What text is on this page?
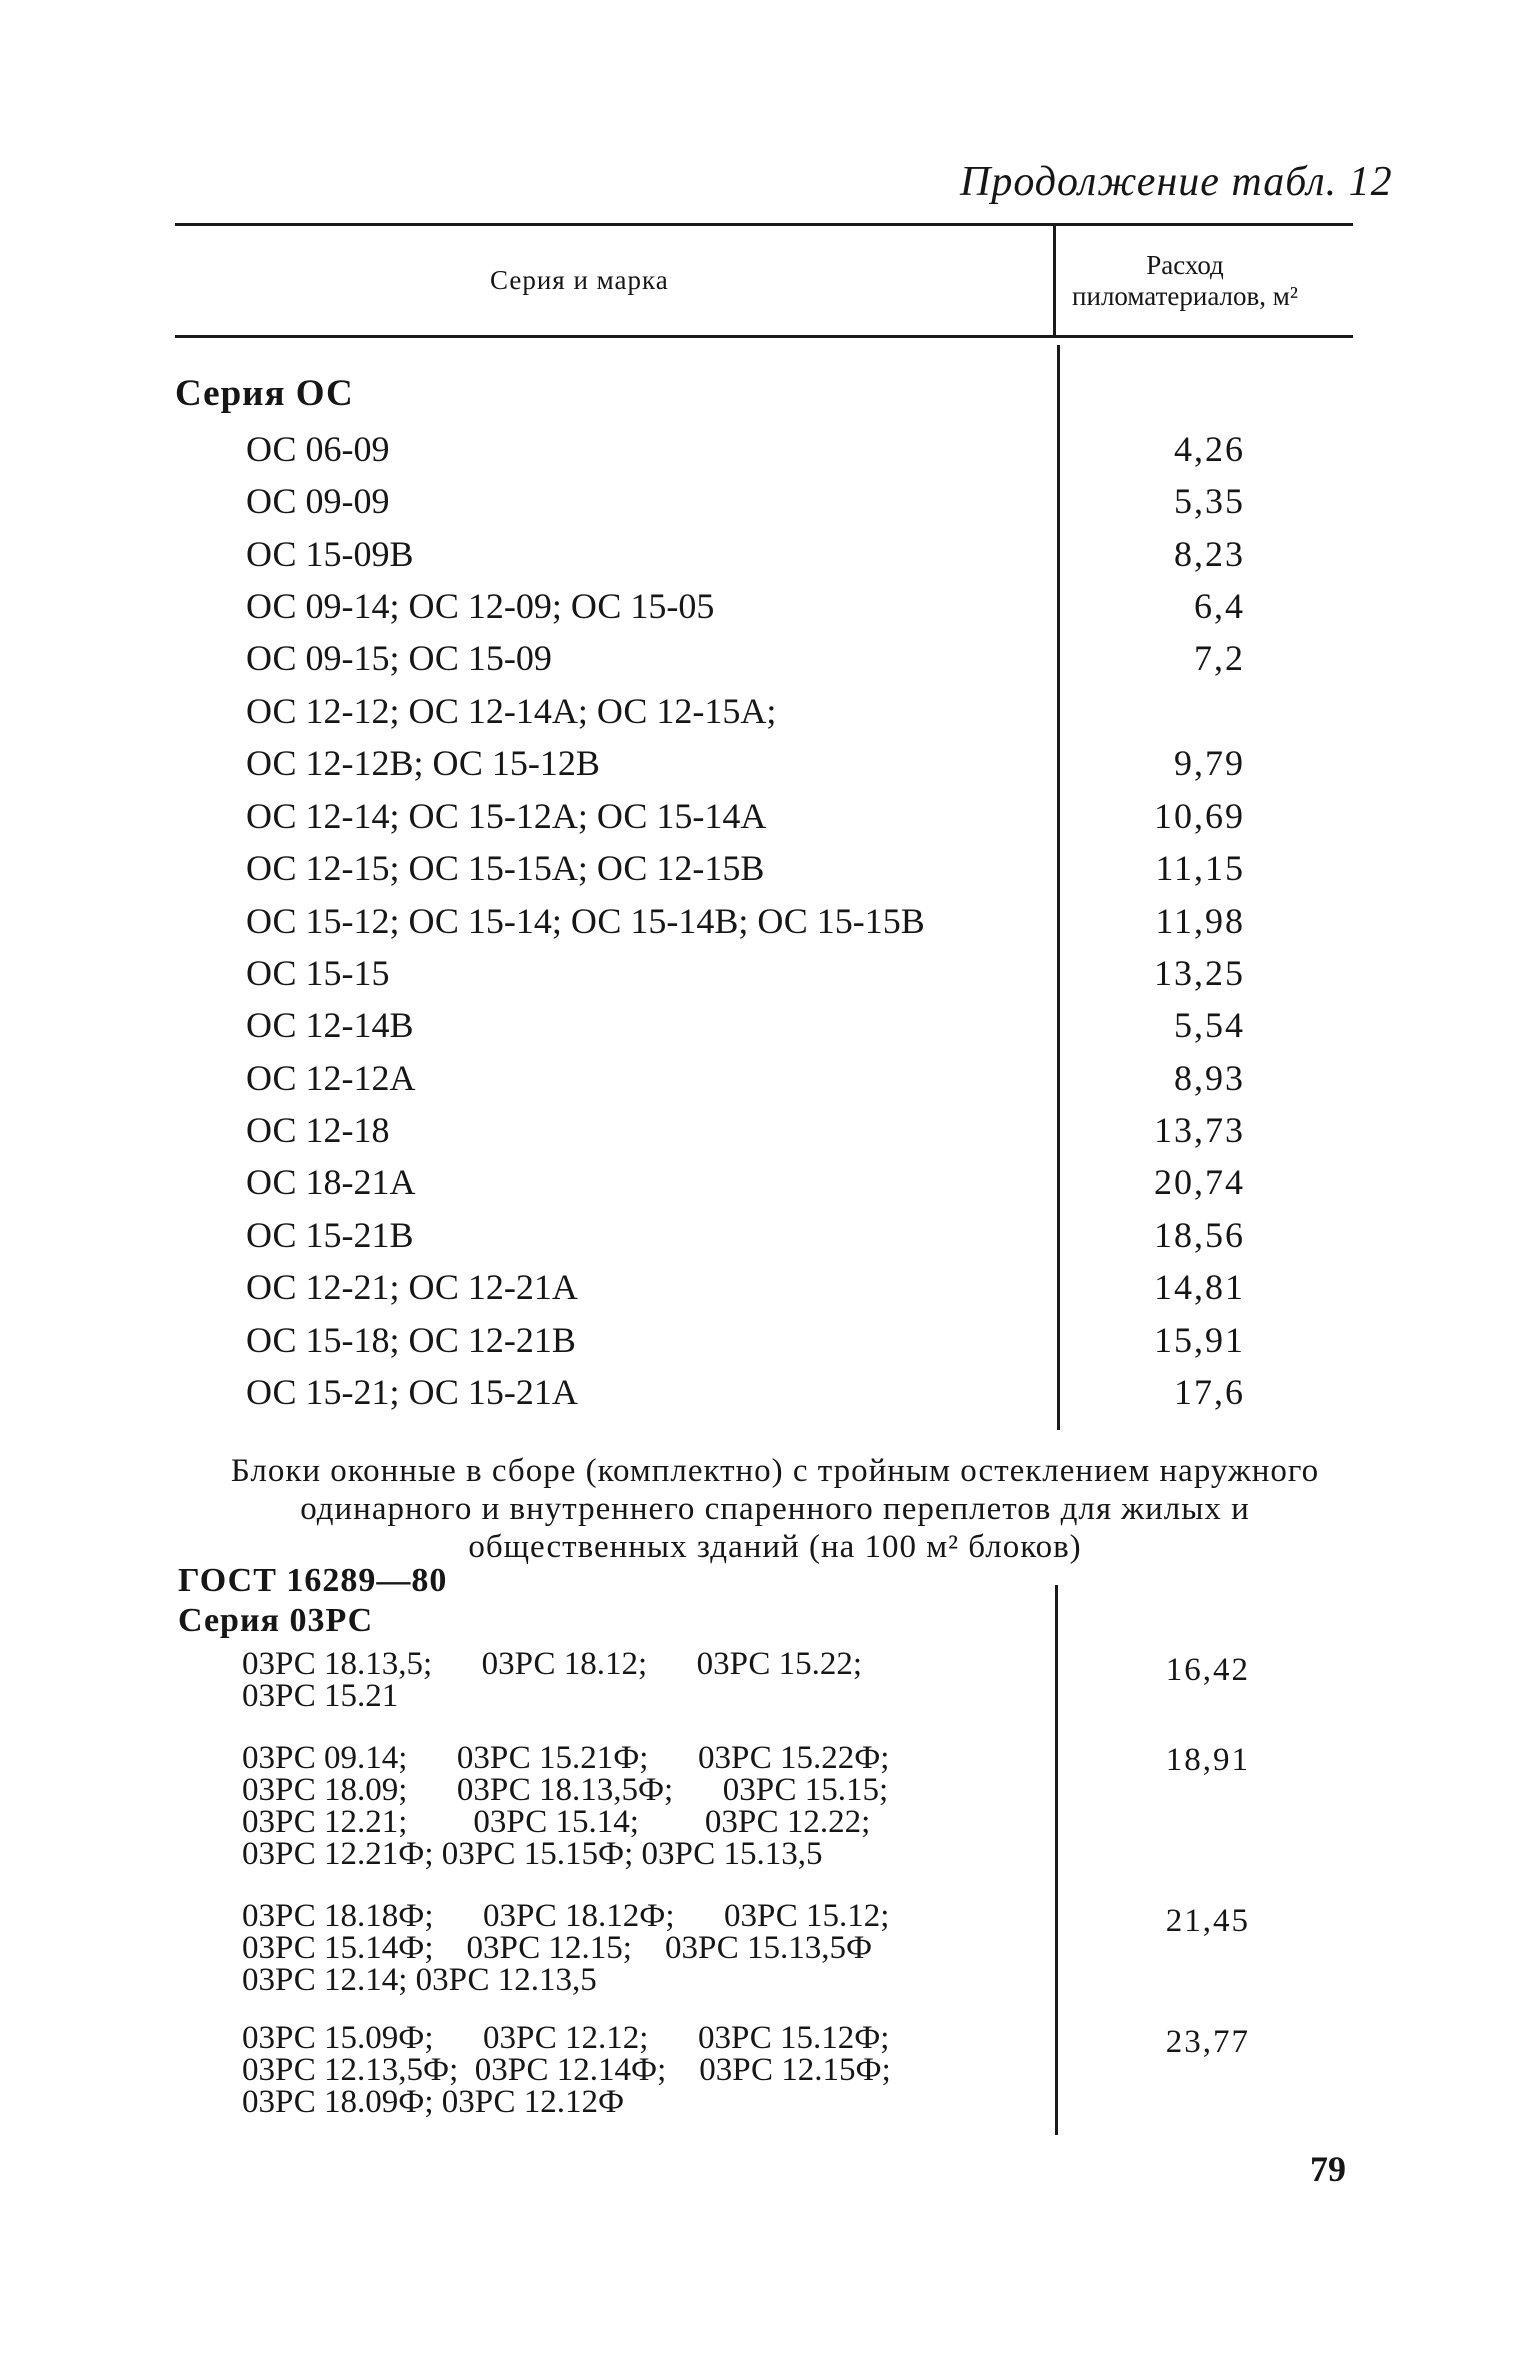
Продолжение табл. 12
Серия и марка	Расход пиломатериалов, м²
Серия ОС
ОС 06-09	4,26
ОС 09-09	5,35
ОС 15-09В	8,23
ОС 09-14; ОС 12-09; ОС 15-05	6,4
ОС 09-15; ОС 15-09	7,2
ОС 12-12; ОС 12-14А; ОС 12-15А;
ОС 12-12В; ОС 15-12В	9,79
ОС 12-14; ОС 15-12А; ОС 15-14А	10,69
ОС 12-15; ОС 15-15А; ОС 12-15В	11,15
ОС 15-12; ОС 15-14; ОС 15-14В; ОС 15-15В	11,98
ОС 15-15	13,25
ОС 12-14В	5,54
ОС 12-12А	8,93
ОС 12-18	13,73
ОС 18-21А	20,74
ОС 15-21В	18,56
ОС 12-21; ОС 12-21А	14,81
ОС 15-18; ОС 12-21В	15,91
ОС 15-21; ОС 15-21А	17,6
Блоки оконные в сборе (комплектно) с тройным остеклением наружного одинарного и внутреннего спаренного переплетов для жилых и общественных зданий (на 100 м² блоков)
ГОСТ 16289—80
Серия 03РС
03РС 18.13,5;      03РС 18.12;      03РС 15.22;
03РС 15.21
16,42
03РС 09.14;      03РС 15.21Ф;      03РС 15.22Ф;
03РС 18.09;      03РС 18.13,5Ф;      03РС 15.15;
03РС 12.21;        03РС 15.14;        03РС 12.22;
03РС 12.21Ф; 03РС 15.15Ф; 03РС 15.13,5
18,91
03РС 18.18Ф;      03РС 18.12Ф;      03РС 15.12;
03РС 15.14Ф;    03РС 12.15;    03РС 15.13,5Ф
03РС 12.14; 03РС 12.13,5
21,45
03РС 15.09Ф;      03РС 12.12;      03РС 15.12Ф;
03РС 12.13,5Ф;  03РС 12.14Ф;    03РС 12.15Ф;
03РС 18.09Ф; 03РС 12.12Ф
23,77
79
